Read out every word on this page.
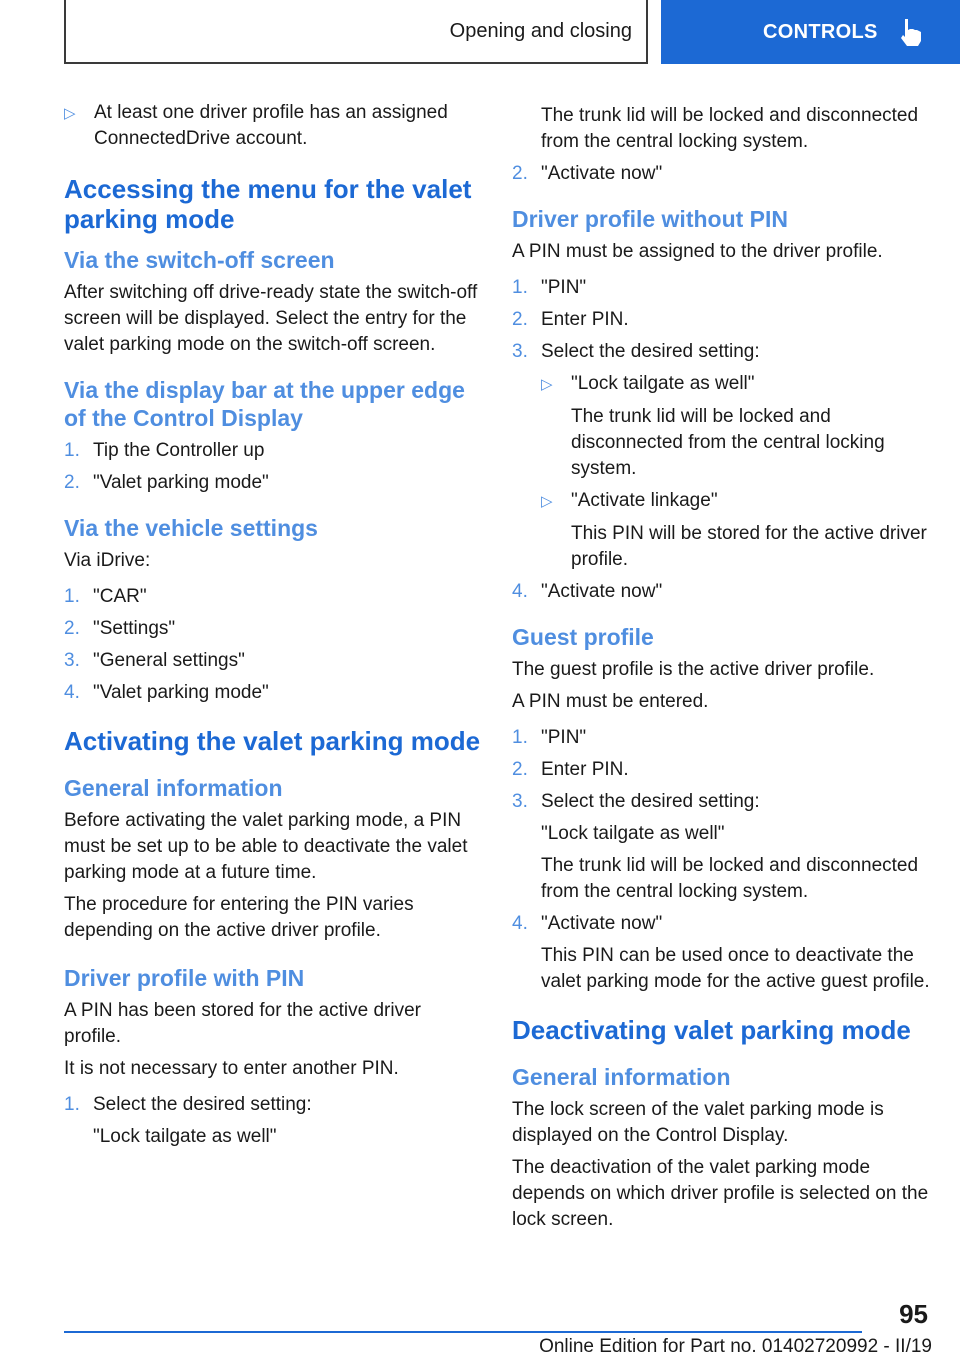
Opening and closing	CONTROLS
▷ At least one driver profile has an assigned ConnectedDrive account.
Accessing the menu for the valet parking mode
Via the switch-off screen

After switching off drive-ready state the switch-off screen will be displayed. Select the entry for the valet parking mode on the switch-off screen.

Via the display bar at the upper edge of the Control Display
1. Tip the Controller up
2. "Valet parking mode"
Via the vehicle settings

Via iDrive:

1. "CAR"
2. "Settings"
3. "General settings"
4. "Valet parking mode"
Activating the valet parking mode
General information

Before activating the valet parking mode, a PIN must be set up to be able to deactivate the valet parking mode at a future time.

The procedure for entering the PIN varies depending on the active driver profile.

Driver profile with PIN

A PIN has been stored for the active driver profile.

It is not necessary to enter another PIN.

1. Select the desired setting:

"Lock tailgate as well"

The trunk lid will be locked and disconnected from the central locking system.

2. "Activate now"
Driver profile without PIN

A PIN must be assigned to the driver profile.

1. "PIN"
2. Enter PIN.
3. Select the desired setting:
▷ "Lock tailgate as well"

The trunk lid will be locked and disconnected from the central locking system.

▷ "Activate linkage"

This PIN will be stored for the active driver profile.

4. "Activate now"
Guest profile

The guest profile is the active driver profile.

A PIN must be entered.

1. "PIN"
2. Enter PIN.
3. Select the desired setting:

"Lock tailgate as well"

The trunk lid will be locked and disconnected from the central locking system.

4. "Activate now"

This PIN can be used once to deactivate the valet parking mode for the active guest profile.

Deactivating valet parking mode
General information

The lock screen of the valet parking mode is displayed on the Control Display.

The deactivation of the valet parking mode depends on which driver profile is selected on the lock screen.

95
Online Edition for Part no. 01402720992 - II/19
